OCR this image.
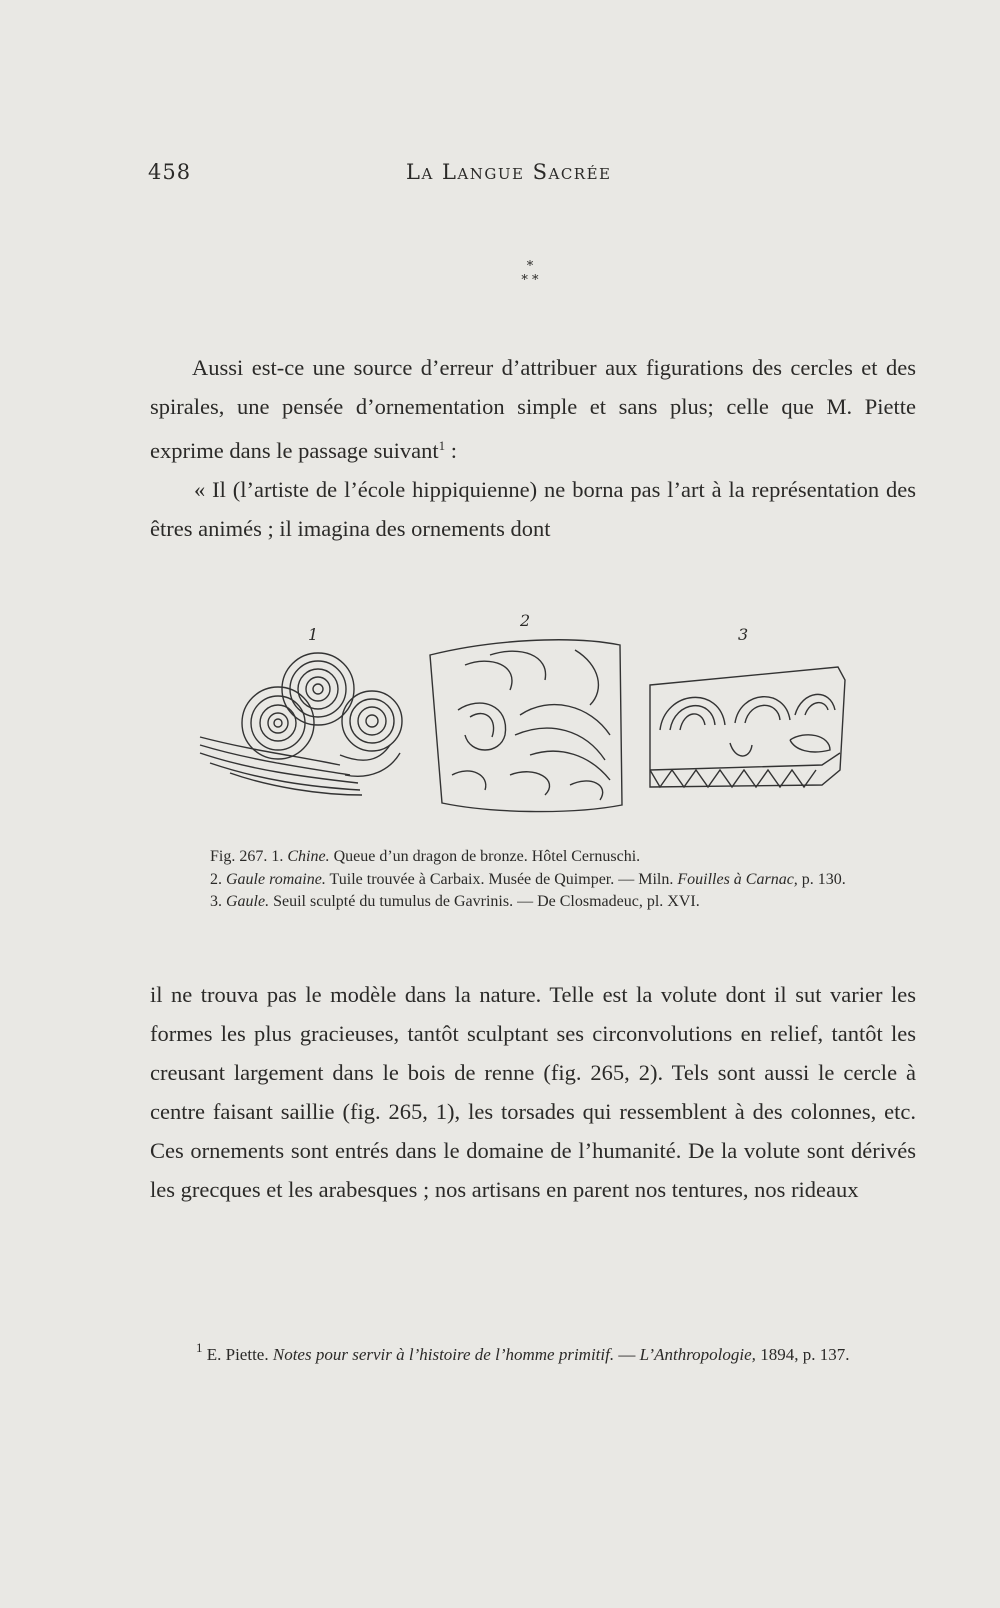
458	La Langue Sacrée
*
* *

Aussi est-ce une source d’erreur d’attribuer aux figurations des cercles et des spirales, une pensée d’ornementation simple et sans plus; celle que M. Piette exprime dans le passage suivant$^1$ :

« Il (l’artiste de l’école hippiquienne) ne borna pas l’art à la représentation des êtres animés ; il imagina des ornements dont

1
2
3

Fig. 267. 1. Chine. Queue d’un dragon de bronze. Hôtel Cernuschi.

2. Gaule romaine. Tuile trouvée à Carbaix. Musée de Quimper. — Miln. Fouilles à Carnac, p. 130.

3. Gaule. Seuil sculpté du tumulus de Gavrinis. — De Closmadeuc, pl. XVI.

il ne trouva pas le modèle dans la nature. Telle est la volute dont il sut varier les formes les plus gracieuses, tantôt sculptant ses circonvolutions en relief, tantôt les creusant largement dans le bois de renne (fig. 265, 2). Tels sont aussi le cercle à centre faisant saillie (fig. 265, 1), les torsades qui ressemblent à des colonnes, etc. Ces ornements sont entrés dans le domaine de l’humanité. De la volute sont dérivés les grecques et les arabesques ; nos artisans en parent nos tentures, nos rideaux

$^1$ E. Piette. Notes pour servir à l’histoire de l’homme primitif. — L’Anthropologie, 1894, p. 137.
